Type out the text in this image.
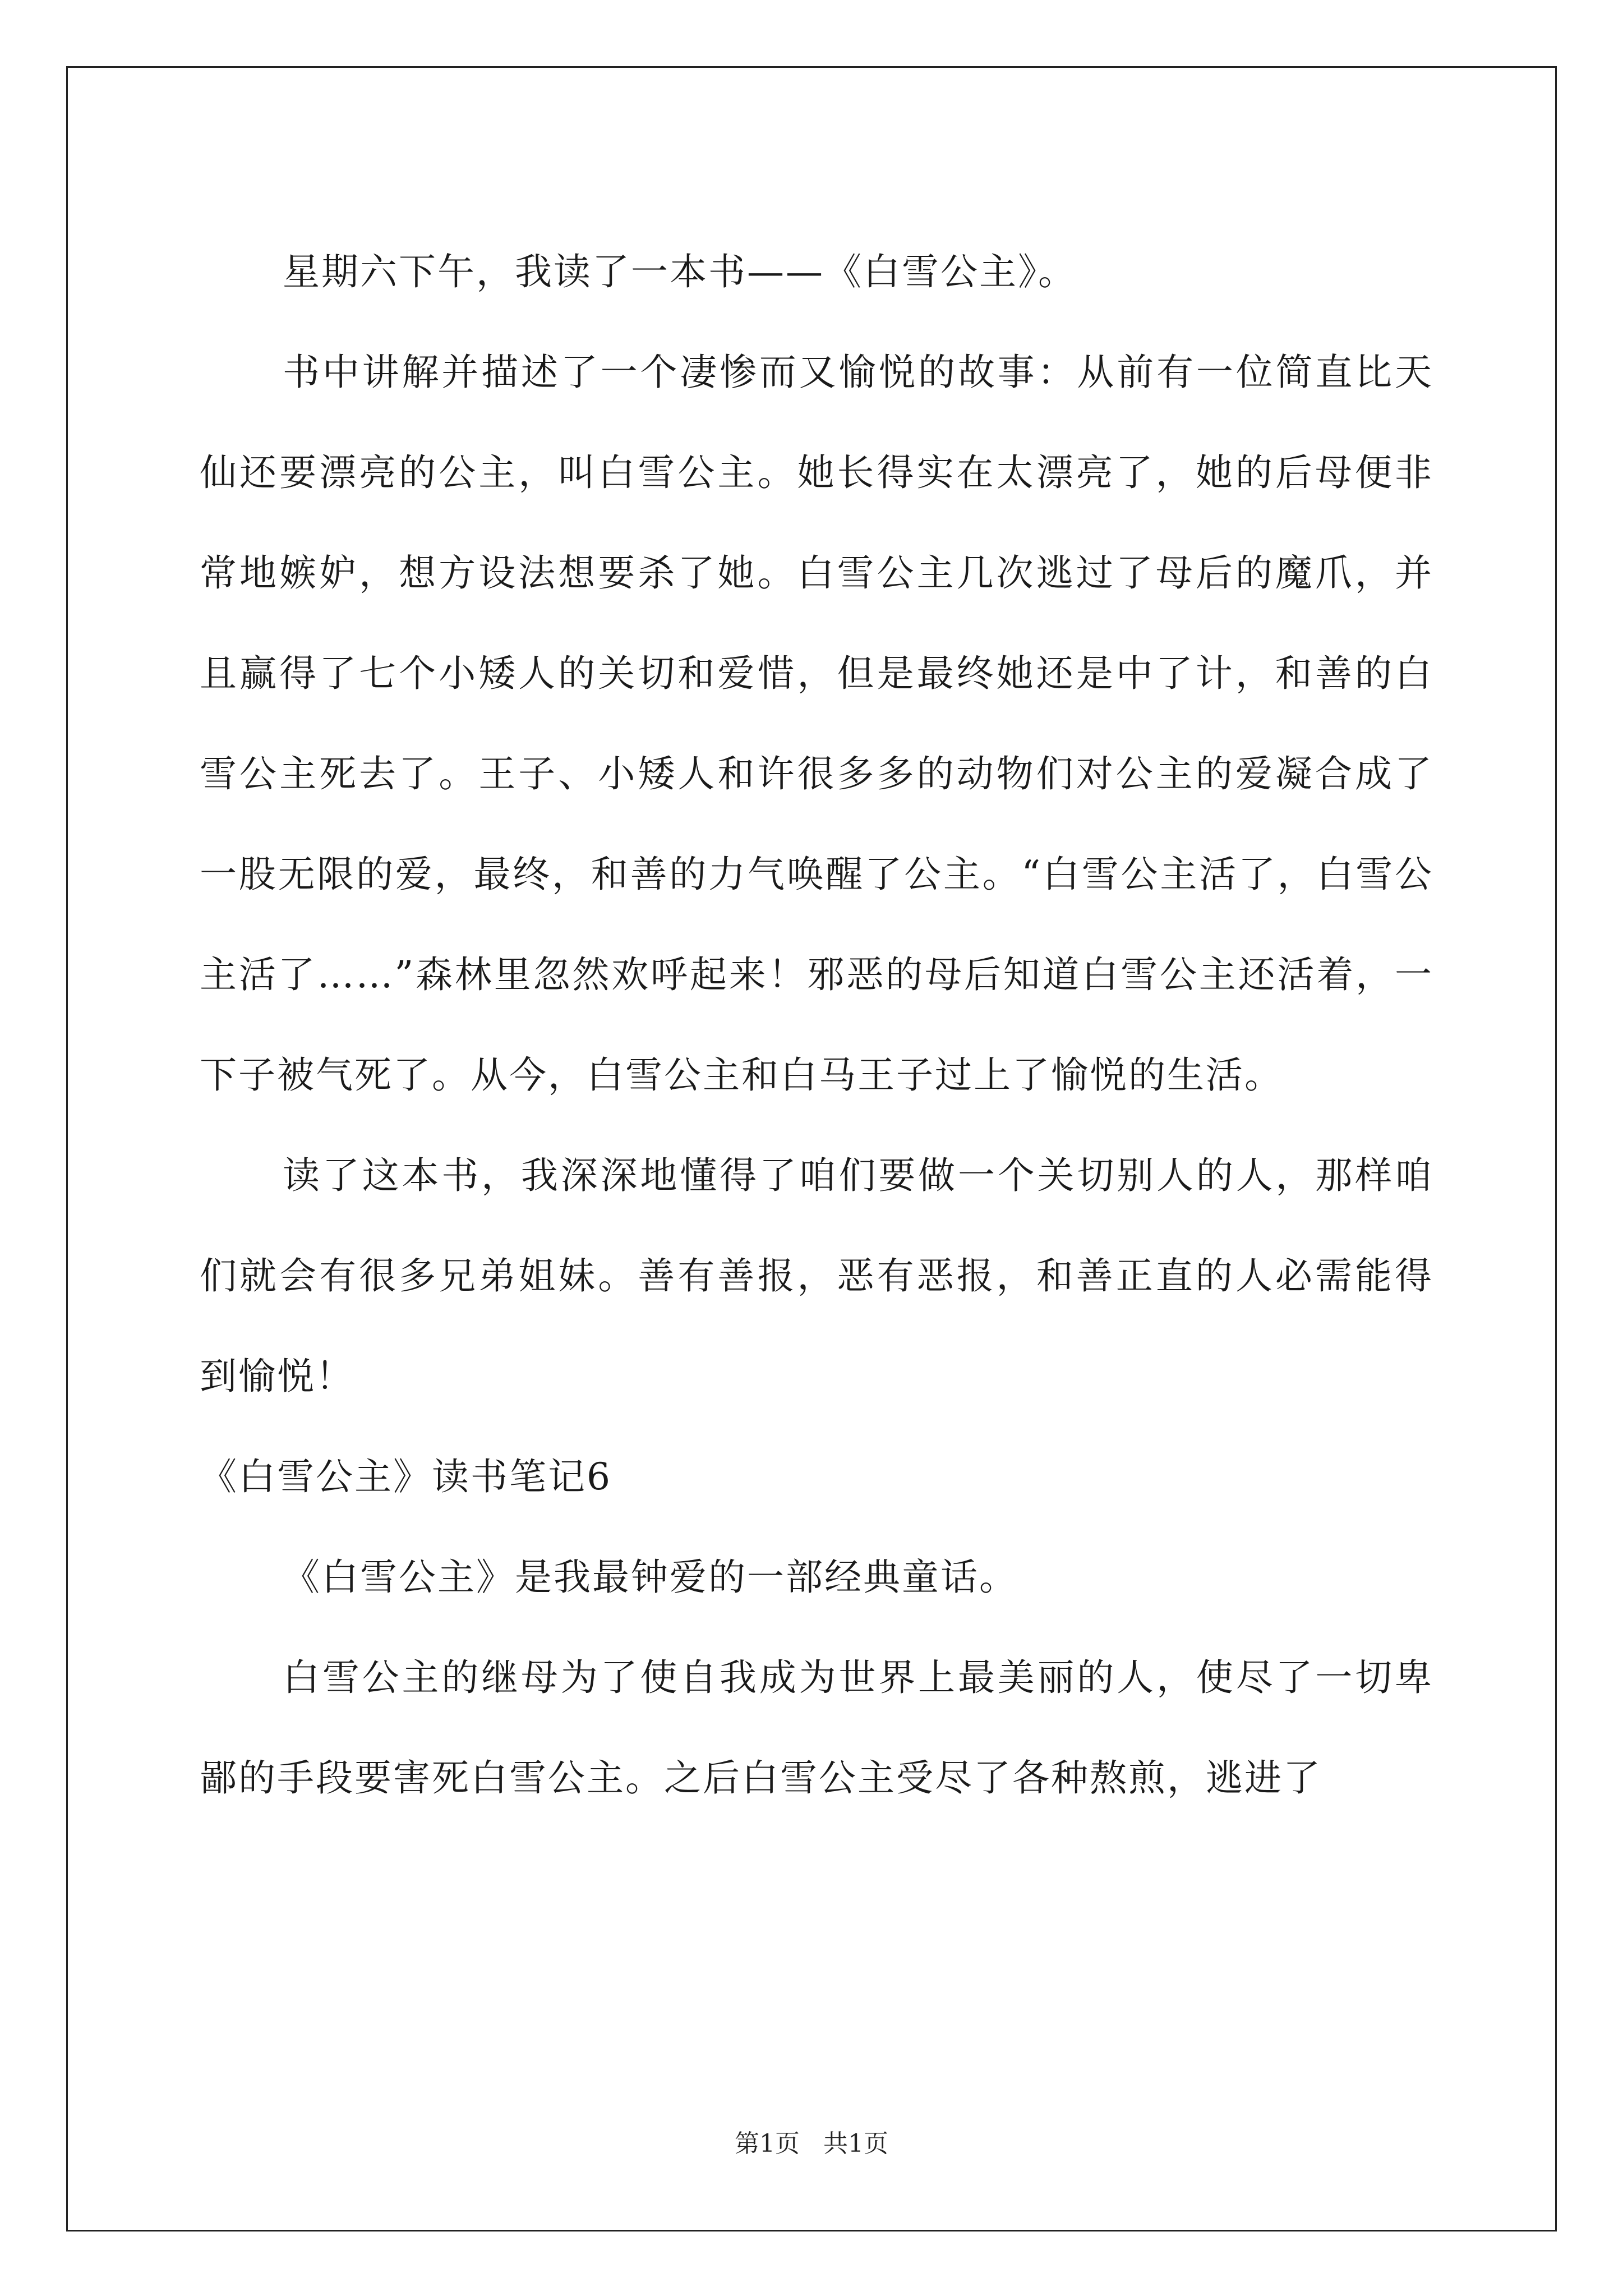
星期六下午，我读了一本书——《白雪公主》。

书中讲解并描述了一个凄惨而又愉悦的故事：从前有一位简直比天仙还要漂亮的公主，叫白雪公主。她长得实在太漂亮了，她的后母便非常地嫉妒，想方设法想要杀了她。白雪公主几次逃过了母后的魔爪，并且赢得了七个小矮人的关切和爱惜，但是最终她还是中了计，和善的白雪公主死去了。王子、小矮人和许很多多的动物们对公主的爱凝合成了一股无限的爱，最终，和善的力气唤醒了公主。“白雪公主活了，白雪公主活了……”森林里忽然欢呼起来！邪恶的母后知道白雪公主还活着，一下子被气死了。从今，白雪公主和白马王子过上了愉悦的生活。

读了这本书，我深深地懂得了咱们要做一个关切别人的人，那样咱们就会有很多兄弟姐妹。善有善报，恶有恶报，和善正直的人必需能得到愉悦！

《白雪公主》读书笔记6

《白雪公主》是我最钟爱的一部经典童话。

白雪公主的继母为了使自我成为世界上最美丽的人，使尽了一切卑鄙的手段要害死白雪公主。之后白雪公主受尽了各种熬煎，逃进了

第1页 共1页
